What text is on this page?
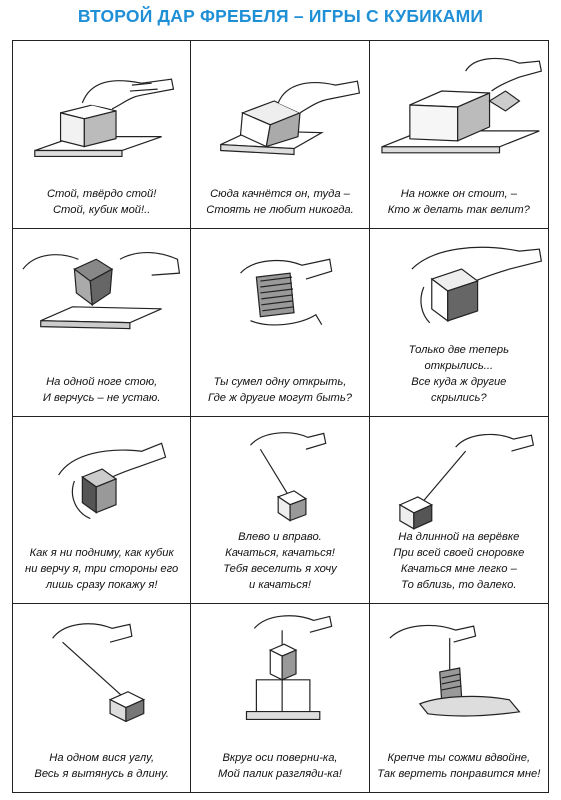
ВТОРОЙ ДАР ФРЕБЕЛЯ – ИГРЫ С КУБИКАМИ
Стой, твёрдо стой!
Стой, кубик мой!..
Сюда качнётся он, туда –
Стоять не любит никогда.
На ножке он стоит, –
Кто ж делать так велит?
На одной ноге стою,
И верчусь – не устаю.
Ты сумел одну открыть,
Где ж другие могут быть?
Только две теперь
открылись...
Все куда ж другие
скрылись?
Как я ни подниму, как кубик
ни верчу я, три стороны его
лишь сразу покажу я!
Влево и вправо.
Качаться, качаться!
Тебя веселить я хочу
и качаться!
На длинной на верёвке
При всей своей сноровке
Качаться мне легко –
То вблизь, то далеко.
На одном вися углу,
Весь я вытянусь в длину.
Вкруг оси поверни-ка,
Мой палик разгляди-ка!
Крепче ты сожми вдвойне,
Так вертеть понравится мне!
